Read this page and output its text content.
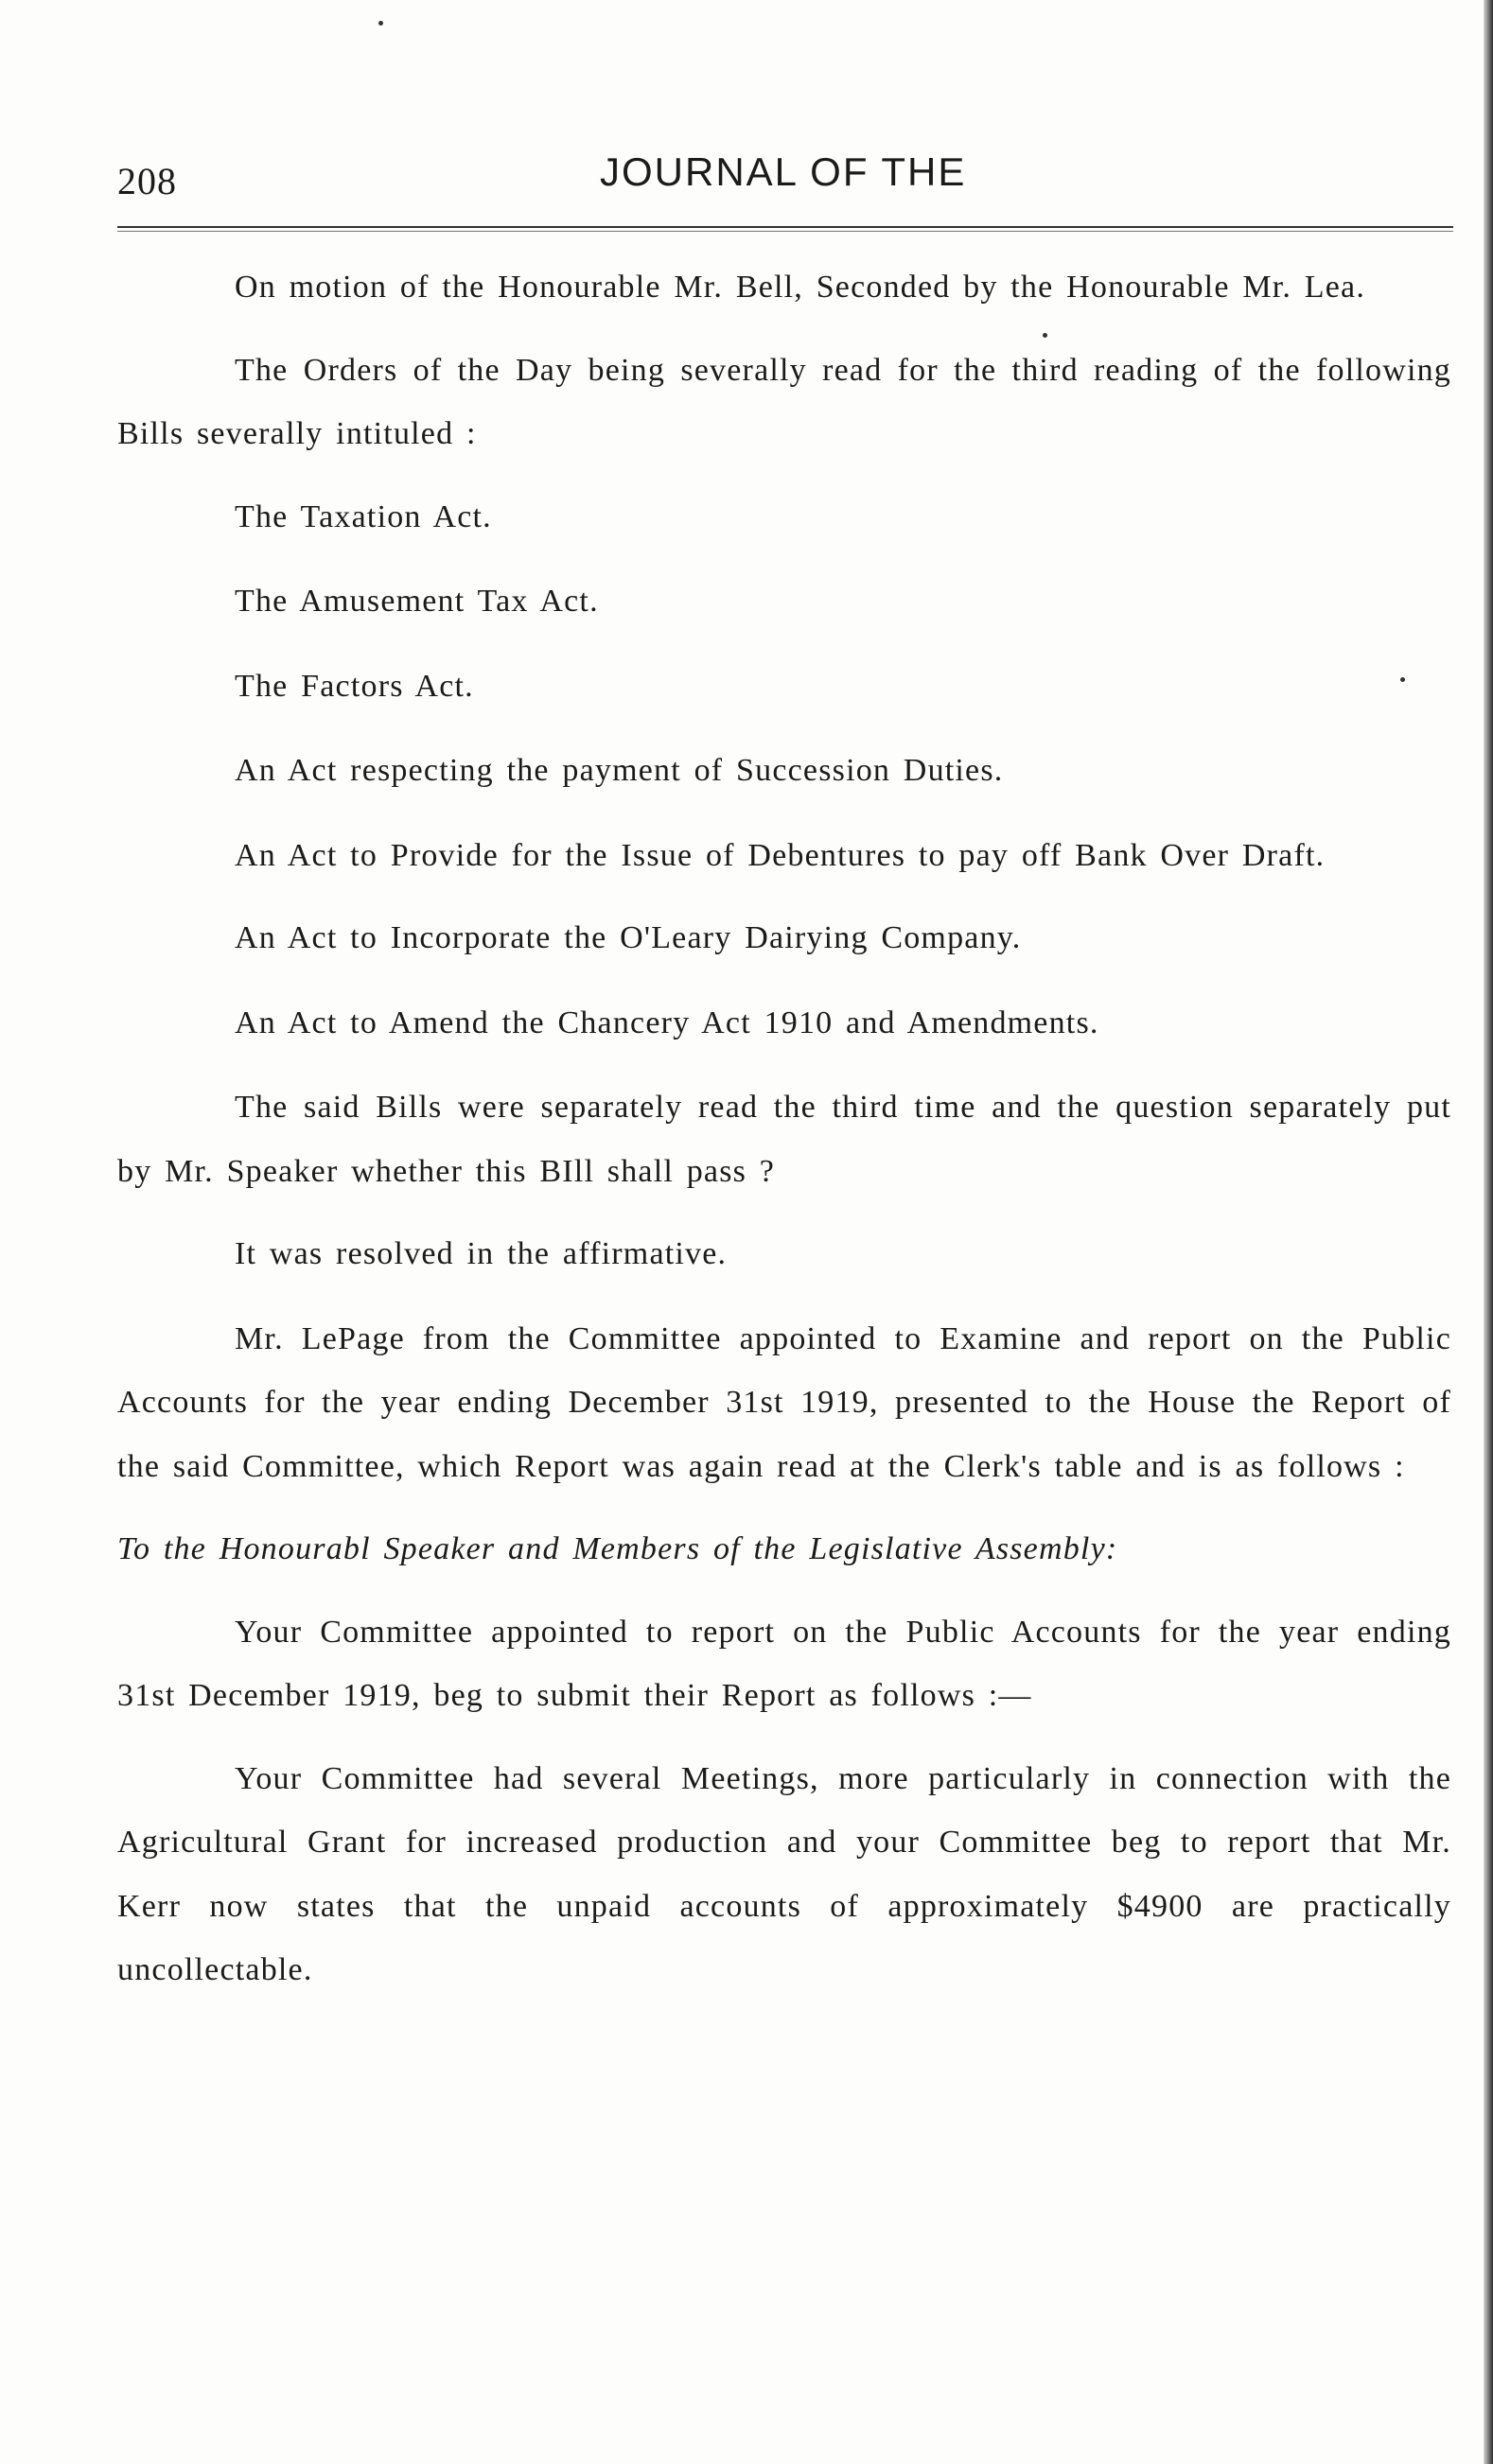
208	JOURNAL OF THE

On motion of the Honourable Mr. Bell, Seconded by the Honourable Mr. Lea.

The Orders of the Day being severally read for the third reading of the following Bills severally intituled :

The Taxation Act.

The Amusement Tax Act.

The Factors Act.

An Act respecting the payment of Succession Duties.

An Act to Provide for the Issue of Debentures to pay off Bank Over Draft.

An Act to Incorporate the O'Leary Dairying Company.

An Act to Amend the Chancery Act 1910 and Amendments.

The said Bills were separately read the third time and the question separately put by Mr. Speaker whether this BIll shall pass ?

It was resolved in the affirmative.

Mr. LePage from the Committee appointed to Examine and report on the Public Accounts for the year ending December 31st 1919, presented to the House the Report of the said Committee, which Report was again read at the Clerk's table and is as follows :

To the Honourabl Speaker and Members of the Legislative Assembly:

Your Committee appointed to report on the Public Accounts for the year ending 31st December 1919, beg to submit their Report as follows :—

Your Committee had several Meetings, more particularly in connection with the Agricultural Grant for increased production and your Committee beg to report that Mr. Kerr now states that the unpaid accounts of approximately $4900 are practically uncollectable.
